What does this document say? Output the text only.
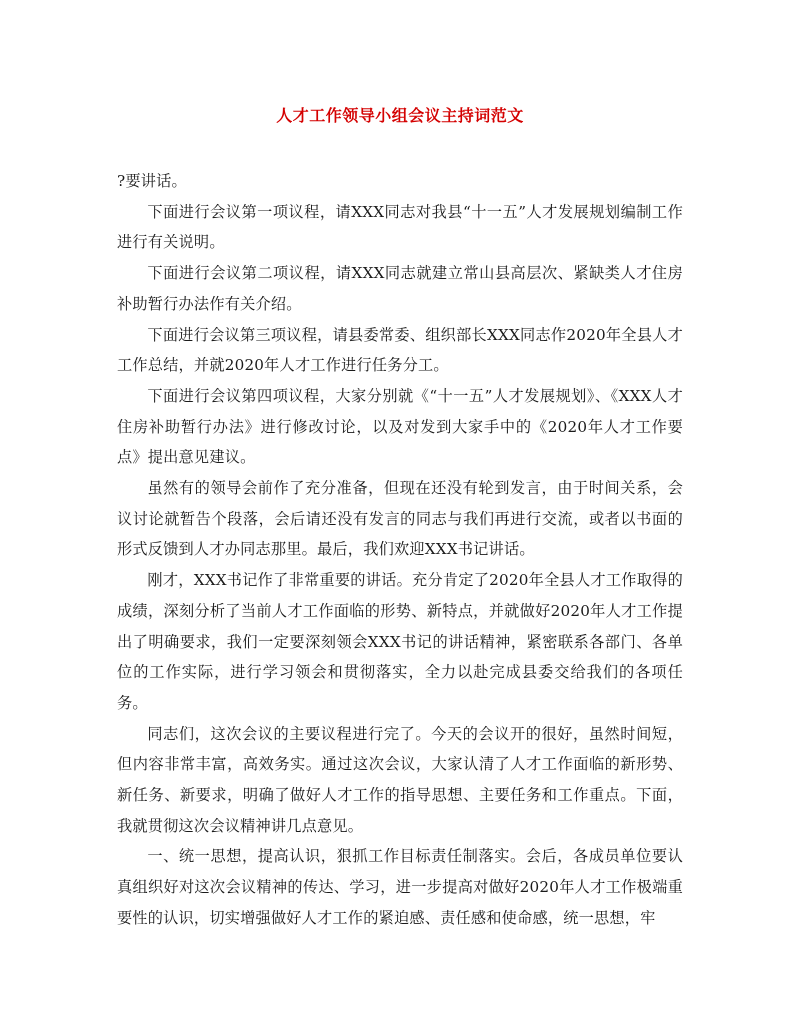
人才工作领导小组会议主持词范文

?要讲话。

下面进行会议第一项议程，请XXX同志对我县“十一五”人才发展规划编制工作进行有关说明。

下面进行会议第二项议程，请XXX同志就建立常山县高层次、紧缺类人才住房补助暂行办法作有关介绍。

下面进行会议第三项议程，请县委常委、组织部长XXX同志作2020年全县人才工作总结，并就2020年人才工作进行任务分工。

下面进行会议第四项议程，大家分别就《“十一五”人才发展规划》、《XXX人才住房补助暂行办法》进行修改讨论，以及对发到大家手中的《2020年人才工作要点》提出意见建议。

虽然有的领导会前作了充分准备，但现在还没有轮到发言，由于时间关系，会议讨论就暂告个段落，会后请还没有发言的同志与我们再进行交流，或者以书面的形式反馈到人才办同志那里。最后，我们欢迎XXX书记讲话。

刚才，XXX书记作了非常重要的讲话。充分肯定了2020年全县人才工作取得的成绩，深刻分析了当前人才工作面临的形势、新特点，并就做好2020年人才工作提出了明确要求，我们一定要深刻领会XXX书记的讲话精神，紧密联系各部门、各单位的工作实际，进行学习领会和贯彻落实，全力以赴完成县委交给我们的各项任务。

同志们，这次会议的主要议程进行完了。今天的会议开的很好，虽然时间短，但内容非常丰富，高效务实。通过这次会议，大家认清了人才工作面临的新形势、新任务、新要求，明确了做好人才工作的指导思想、主要任务和工作重点。下面，我就贯彻这次会议精神讲几点意见。

一、统一思想，提高认识，狠抓工作目标责任制落实。会后，各成员单位要认真组织好对这次会议精神的传达、学习，进一步提高对做好2020年人才工作极端重要性的认识，切实增强做好人才工作的紧迫感、责任感和使命感，统一思想，牢
